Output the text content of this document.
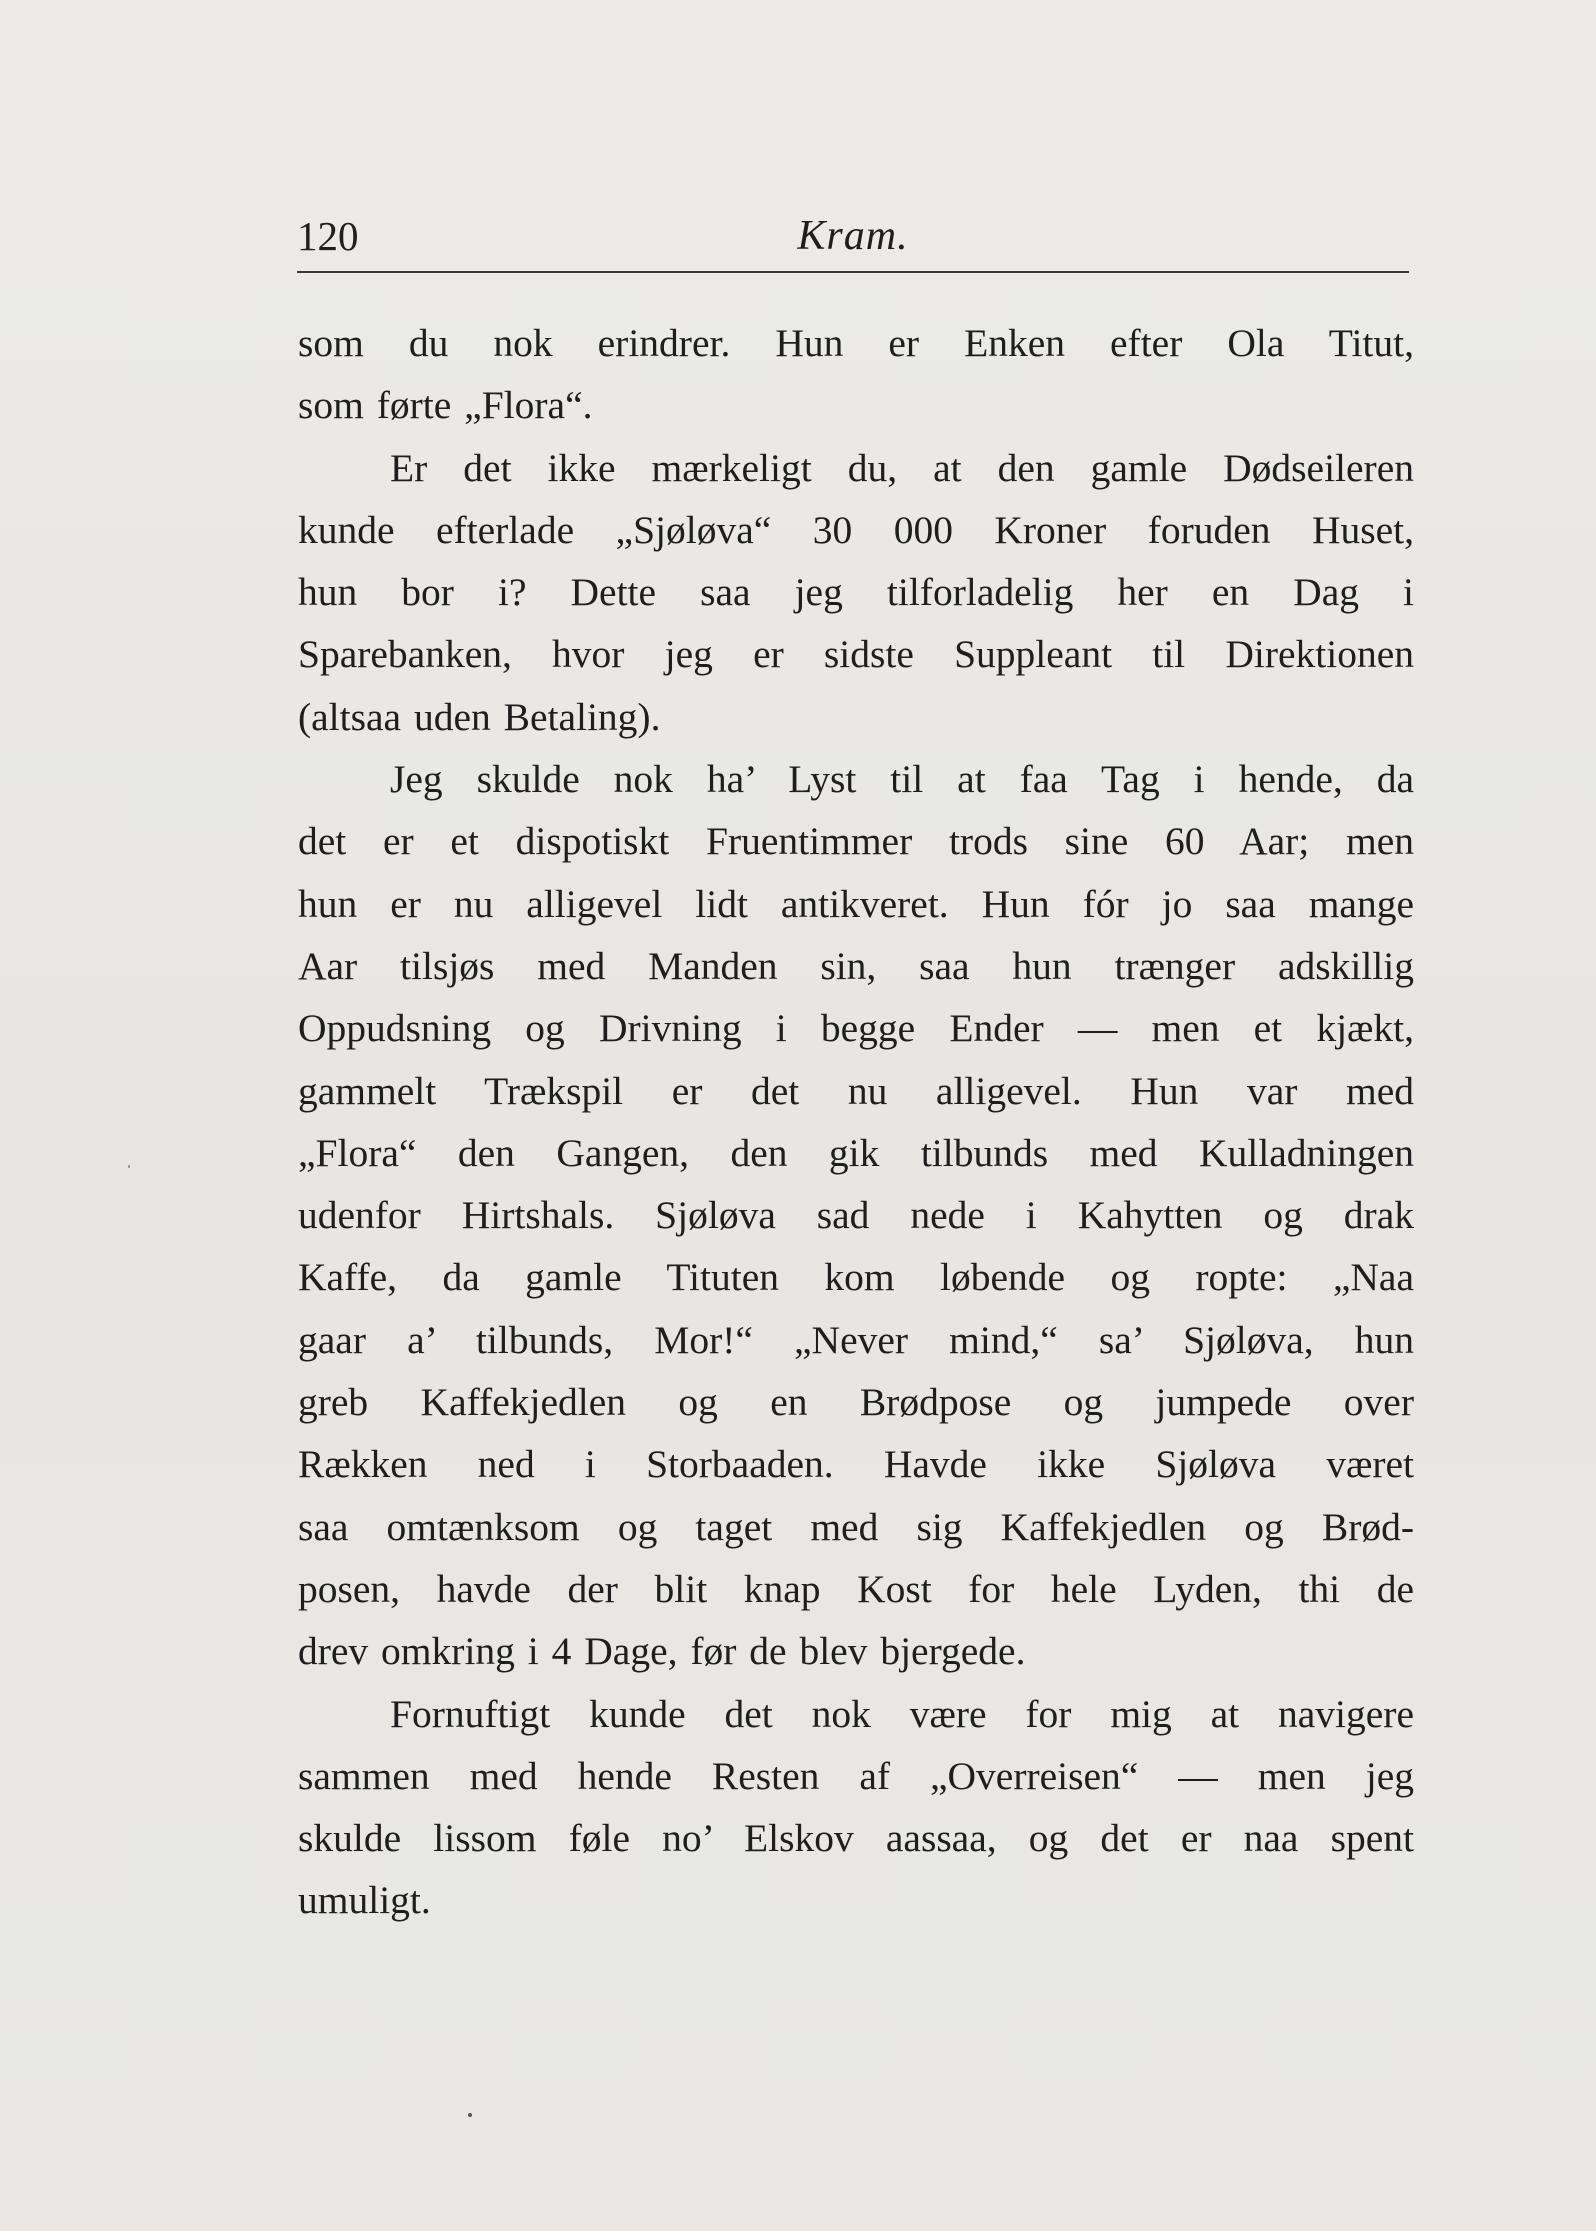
120	Kram.

som du nok erindrer. Hun er Enken efter Ola Titut,

som førte „Flora“.

Er det ikke mærkeligt du, at den gamle Dødseileren

kunde efterlade „Sjøløva“ 30 000 Kroner foruden Huset,

hun bor i? Dette saa jeg tilforladelig her en Dag i

Sparebanken, hvor jeg er sidste Suppleant til Direktionen

(altsaa uden Betaling).

Jeg skulde nok ha’ Lyst til at faa Tag i hende, da

det er et dispotiskt Fruentimmer trods sine 60 Aar; men

hun er nu alligevel lidt antikveret. Hun fór jo saa mange

Aar tilsjøs med Manden sin, saa hun trænger adskillig

Oppudsning og Drivning i begge Ender — men et kjækt,

gammelt Trækspil er det nu alligevel. Hun var med

„Flora“ den Gangen, den gik tilbunds med Kulladningen

udenfor Hirtshals. Sjøløva sad nede i Kahytten og drak

Kaffe, da gamle Tituten kom løbende og ropte: „Naa

gaar a’ tilbunds, Mor!“ „Never mind,“ sa’ Sjøløva, hun

greb Kaffekjedlen og en Brødpose og jumpede over

Rækken ned i Storbaaden. Havde ikke Sjøløva været

saa omtænksom og taget med sig Kaffekjedlen og Brød-

posen, havde der blit knap Kost for hele Lyden, thi de

drev omkring i 4 Dage, før de blev bjergede.

Fornuftigt kunde det nok være for mig at navigere

sammen med hende Resten af „Overreisen“ — men jeg

skulde lissom føle no’ Elskov aassaa, og det er naa spent

umuligt.
